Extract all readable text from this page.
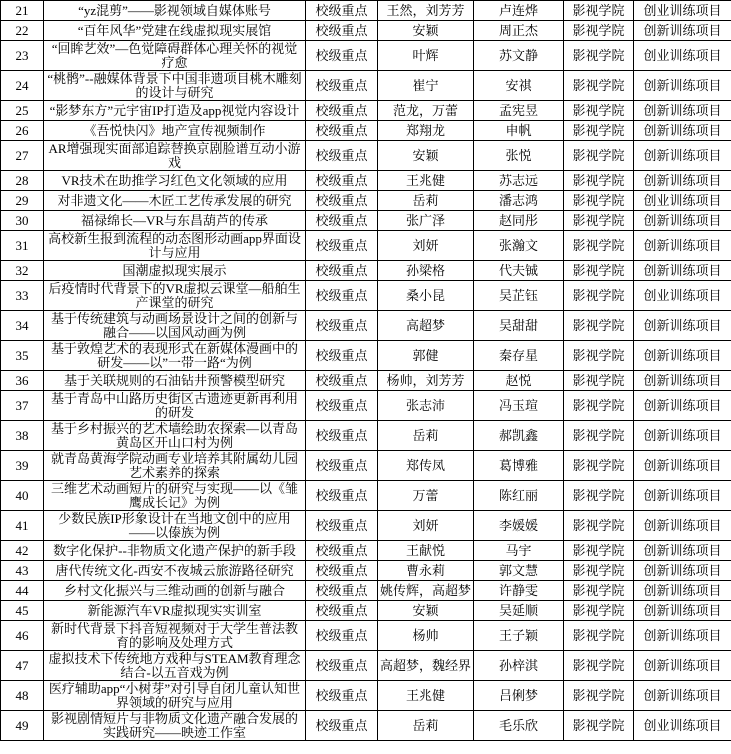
21	“yz混剪”——影视领域自媒体账号	校级重点	王然，刘芳芳	卢连烨	影视学院	创业训练项目
22	“百年风华”党建在线虚拟现实展馆	校级重点	安颖	周正杰	影视学院	创新训练项目
23	“回眸艺效”—色觉障碍群体心理关怀的视觉疗愈	校级重点	叶辉	苏文静	影视学院	创业训练项目
24	“桃鹘”--融媒体背景下中国非遗项目桃木雕刻的设计与研究	校级重点	崔宁	安祺	影视学院	创新训练项目
25	“影梦东方”元宇宙IP打造及app视觉内容设计	校级重点	范龙，万蕾	孟宪昱	影视学院	创新训练项目
26	《吾悦快闪》地产宣传视频制作	校级重点	郑翔龙	申帆	影视学院	创新训练项目
27	AR增强现实面部追踪替换京剧脸谱互动小游戏	校级重点	安颖	张悦	影视学院	创新训练项目
28	VR技术在助推学习红色文化领域的应用	校级重点	王兆健	苏志远	影视学院	创新训练项目
29	对非遗文化——木匠工艺传承发展的研究	校级重点	岳莉	潘志鸿	影视学院	创业训练项目
30	福禄绵长—VR与东昌葫芦的传承	校级重点	张广泽	赵同彤	影视学院	创新训练项目
31	高校新生报到流程的动态图形动画app界面设计与应用	校级重点	刘妍	张瀚文	影视学院	创新训练项目
32	国潮虚拟现实展示	校级重点	孙梁格	代夫铖	影视学院	创新训练项目
33	后疫情时代背景下的VR虚拟云课堂—船舶生产课堂的研究	校级重点	桑小昆	吴芷钰	影视学院	创业训练项目
34	基于传统建筑与动画场景设计之间的创新与融合——以国风动画为例	校级重点	高超梦	吴甜甜	影视学院	创新训练项目
35	基于敦煌艺术的表现形式在新媒体漫画中的研发——以”一带一路“为例	校级重点	郭健	秦存星	影视学院	创新训练项目
36	基于关联规则的石油钻井预警模型研究	校级重点	杨帅，刘芳芳	赵悦	影视学院	创新训练项目
37	基于青岛中山路历史街区古遗迹更新再利用的研发	校级重点	张志沛	冯玉瑄	影视学院	创新训练项目
38	基于乡村振兴的艺术墙绘助农探索—以青岛黄岛区开山口村为例	校级重点	岳莉	郝凯鑫	影视学院	创新训练项目
39	就青岛黄海学院动画专业培养其附属幼儿园艺术素养的探索	校级重点	郑传凤	葛博雅	影视学院	创新训练项目
40	三维艺术动画短片的研究与实现——以《雏鹰成长记》为例	校级重点	万蕾	陈红丽	影视学院	创新训练项目
41	少数民族IP形象设计在当地文创中的应用——以傣族为例	校级重点	刘妍	李媛媛	影视学院	创新训练项目
42	数字化保护--非物质文化遗产保护的新手段	校级重点	王献悦	马宇	影视学院	创新训练项目
43	唐代传统文化-西安不夜城云旅游路径研究	校级重点	曹永莉	郭文慧	影视学院	创新训练项目
44	乡村文化振兴与三维动画的创新与融合	校级重点	姚传辉，高超梦	许静雯	影视学院	创新训练项目
45	新能源汽车VR虚拟现实实训室	校级重点	安颖	吴延顺	影视学院	创新训练项目
46	新时代背景下抖音短视频对于大学生普法教育的影响及处理方式	校级重点	杨帅	王子颖	影视学院	创新训练项目
47	虚拟技术下传统地方戏种与STEAM教育理念结合-以五音戏为例	校级重点	高超梦，魏经界	孙梓淇	影视学院	创新训练项目
48	医疗辅助app“小树芽”对引导自闭儿童认知世界领域的研究与应用	校级重点	王兆健	吕俐梦	影视学院	创新训练项目
49	影视剧情短片与非物质文化遗产融合发展的实践研究——映迹工作室	校级重点	岳莉	毛乐欣	影视学院	创业训练项目
